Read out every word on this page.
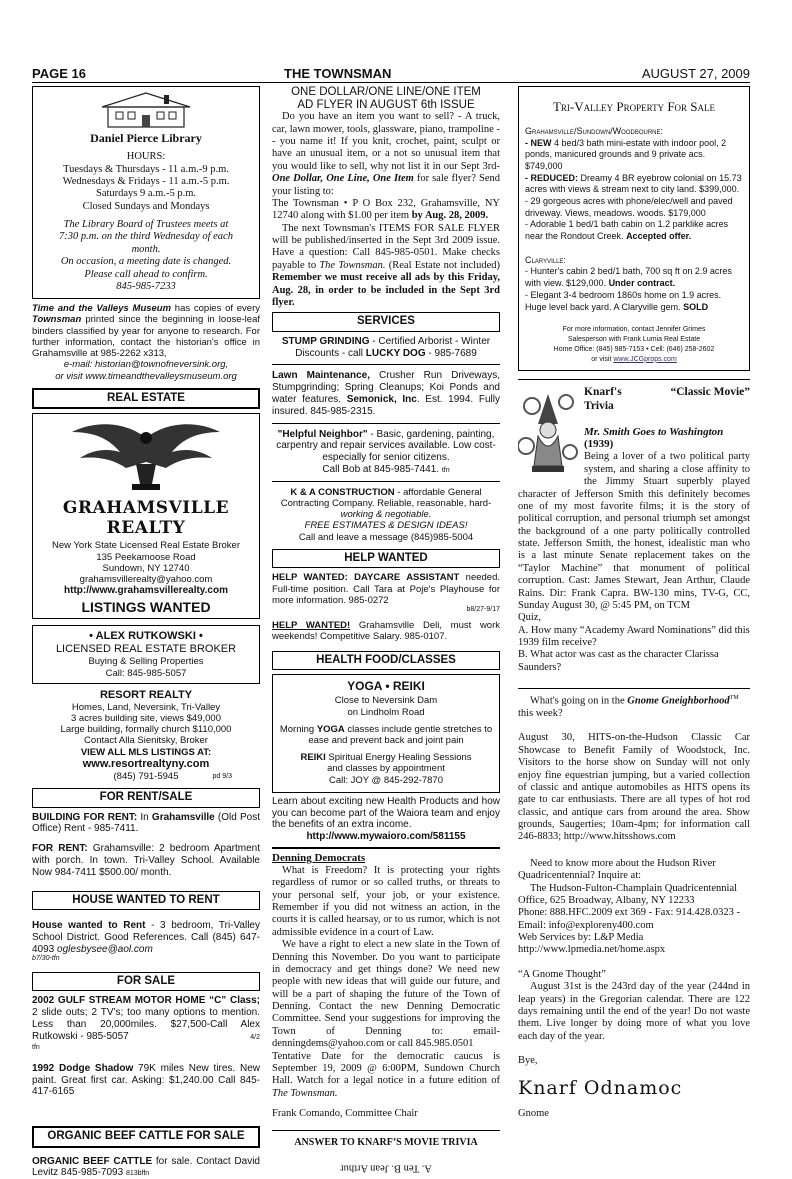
PAGE 16	THE TOWNSMAN	AUGUST 27, 2009
Daniel Pierce Library
HOURS:
Tuesdays & Thursdays - 11 a.m.-9 p.m.
Wednesdays & Fridays - 11 a.m.-5 p.m.
Saturdays 9 a.m.-5 p.m.
Closed Sundays and Mondays
The Library Board of Trustees meets at
7:30 p.m. on the third Wednesday of each
month.
On occasion, a meeting date is changed.
Please call ahead to confirm.
845-985-7233
Time and the Valleys Museum has copies of every Townsman printed since the beginning in loose-leaf binders classified by year for anyone to research. For further information, contact the historian's office in Grahamsville at 985-2262 x313,
e-mail: historian@townofneversink.org,
or visit www.timeandthevalleysmuseum.org
REAL ESTATE
GRAHAMSVILLE REALTY
New York State Licensed Real Estate Broker
135 Peekamoose Road
Sundown, NY 12740
grahamsvillerealty@yahoo.com
http://www.grahamsvillerealty.com
LISTINGS WANTED
• ALEX RUTKOWSKI •
LICENSED REAL ESTATE BROKER
Buying & Selling Properties
Call: 845-985-5057
RESORT REALTY
Homes, Land, Neversink, Tri-Valley
3 acres building site, views $49,000
Large building, formally church $110,000
Contact Alla Sienitsky, Broker
VIEW ALL MLS LISTINGS AT:
www.resortrealtyny.com
(845) 791-5945	pd 9/3
FOR RENT/SALE

BUILDING FOR RENT: In Grahamsville (Old Post Office) Rent - 985-7411.

FOR RENT: Grahamsville: 2 bedroom Apartment with porch. In town. Tri-Valley School. Available Now 984-7411 $500.00/ month.

HOUSE WANTED TO RENT
House wanted to Rent - 3 bedroom, Tri-Valley School District. Good References. Call (845) 647-4093 oglesbysee@aol.com
b7/30-tfn
FOR SALE

2002 GULF STREAM MOTOR HOME “C” Class; 2 slide outs; 2 TV’s; too many options to mention. Less than 20,000miles. $27,500-Call Alex Rutkowski - 985-5057	4/2

tfn

1992 Dodge Shadow 79K miles New tires. New paint. Great first car. Asking: $1,240.00 Call 845-417-6165

ORGANIC BEEF CATTLE FOR SALE
ORGANIC BEEF CATTLE for sale. Contact David Levitz 845-985-7093 813bffn
ONE DOLLAR/ONE LINE/ONE ITEM
AD FLYER IN AUGUST 6th ISSUE

Do you have an item you want to sell? - A truck, car, lawn mower, tools, glassware, piano, trampoline -- you name it! If you knit, crochet, paint, sculpt or have an unusual item, or a not so unusual item that you would like to sell, why not list it in our Sept 3rd- One Dollar, One Line, One Item for sale flyer? Send your listing to:

The Townsman • P O Box 232, Grahamsville, NY 12740 along with $1.00 per item by Aug. 28, 2009.

The next Townsman's ITEMS FOR SALE FLYER will be published/inserted in the Sept 3rd 2009 issue. Have a question: Call 845-985-0501. Make checks payable to The Townsman. (Real Estate not included) Remember we must receive all ads by this Friday, Aug. 28, in order to be included in the Sept 3rd flyer.

SERVICES
STUMP GRINDING - Certified Arborist - Winter Discounts - call LUCKY DOG - 985-7689
Lawn Maintenance, Crusher Run Driveways, Stumpgrinding; Spring Cleanups; Koi Ponds and water features. Semonick, Inc. Est. 1994. Fully insured. 845-985-2315.
"Helpful Neighbor" - Basic, gardening, painting, carpentry and repair services available. Low cost- especially for senior citizens.
Call Bob at 845-985-7441. tfn
K & A CONSTRUCTION - affordable General Contracting Company. Reliable, reasonable, hard-
working & negotiable.
FREE ESTIMATES & DESIGN IDEAS!
Call and leave a message (845)985-5004
HELP WANTED
HELP WANTED: DAYCARE ASSISTANT needed. Full-time position. Call Tara at Poje's Playhouse for more information. 985-0272
b8/27-9/17
HELP WANTED! Grahamsville Deli, must work weekends! Competitive Salary. 985-0107.
HEALTH FOOD/CLASSES
YOGA • REIKI
Close to Neversink Dam
on Lindholm Road
Morning YOGA classes include gentle stretches to ease and prevent back and joint pain
REIKI Spiritual Energy Healing Sessions
and classes by appointment
Call: JOY @ 845-292-7870
Learn about exciting new Health Products and how you can become part of the Waiora team and enjoy the benefits of an extra income.
http://www.mywaioro.com/581155
Denning Democrats

What is Freedom? It is protecting your rights regardless of rumor or so called truths, or threats to your personal self, your job, or your existence. Remember if you did not witness an action, in the courts it is called hearsay, or to us rumor, which is not admissible evidence in a court of Law.

We have a right to elect a new slate in the Town of Denning this November. Do you want to participate in democracy and get things done? We need new people with new ideas that will guide our future, and will be a part of shaping the future of the Town of Denning. Contact the new Denning Democratic Committee. Send your suggestions for improving the Town of Denning to: email- denningdems@yahoo.com or call 845.985.0501

Tentative Date for the democratic caucus is September 19, 2009 @ 6:00PM, Sundown Church Hall. Watch for a legal notice in a future edition of The Townsman.

Frank Comando, Committee Chair

ANSWER TO KNARF’S MOVIE TRIVIA
A. Ten B. Jean Arthur
Tri-Valley Property For Sale
Grahamsville/Sundown/Woodbourne:
- NEW 4 bed/3 bath mini-estate with indoor pool, 2 ponds, manicured grounds and 9 private acs. $749,000
- REDUCED: Dreamy 4 BR eyebrow colonial on 15.73 acres with views & stream next to city land. $399,000.
- 29 gorgeous acres with phone/elec/well and paved driveway. Views, meadows. woods. $179,000
- Adorable 1 bed/1 bath cabin on 1.2 parklike acres near the Rondout Creek. Accepted offer.
Claryville:
- Hunter's cabin 2 bed/1 bath, 700 sq ft on 2.9 acres with view. $129,000. Under contract.
- Elegant 3-4 bedroom 1860s home on 1.9 acres. Huge level back yard. A Claryville gem. SOLD
For more information, contact Jennifer Grimes
Salesperson with Frank Lumia Real Estate
Home Office: (845) 985-7153 • Cell: (646) 258-2602
or visit www.JCGprops.com
Knarf's	“Classic Movie”
Trivia
Mr. Smith Goes to Washington
(1939)
Being a lover of a two political party system, and sharing a close affinity to the Jimmy Stuart superbly played character of Jefferson Smith this definitely becomes one of my most favorite films; it is the story of political corruption, and personal triumph set amongst the background of a one party politically controlled state. Jefferson Smith, the honest, idealistic man who is a last minute Senate replacement takes on the “Taylor Machine” that monument of political corruption. Cast: James Stewart, Jean Arthur, Claude Rains. Dir: Frank Capra. BW-130 mins, TV-G, CC, Sunday August 30, @ 5:45 PM, on TCM
Quiz,
A. How many “Academy Award Nominations” did this 1939 film receive?
B. What actor was cast as the character Clarissa Saunders?

What's going on in the Gnome Gneighborhood™ this week?

August 30, HITS-on-the-Hudson Classic Car Showcase to Benefit Family of Woodstock, Inc. Visitors to the horse show on Sunday will not only enjoy fine equestrian jumping, but a varied collection of classic and antique automobiles as HITS opens its gate to car enthusiasts. There are all types of hot rod classic, and antique cars from around the area. Show grounds, Saugerties; 10am-4pm; for information call 246-8833; http://www.hitsshows.com

Need to know more about the Hudson River Quadricentennial? Inquire at:

The Hudson-Fulton-Champlain Quadricentennial Office, 625 Broadway, Albany, NY 12233
Phone: 888.HFC.2009 ext 369 - Fax: 914.428.0323 - Email: info@exploreny400.com
Web Services by: L&P Media
http://www.lpmedia.net/home.aspx
“A Gnome Thought”

August 31st is the 243rd day of the year (244nd in leap years) in the Gregorian calendar. There are 122 days remaining until the end of the year! Do not waste them. Live longer by doing more of what you love each day of the year.

Bye,
Knarf Odnamoc
Gnome
